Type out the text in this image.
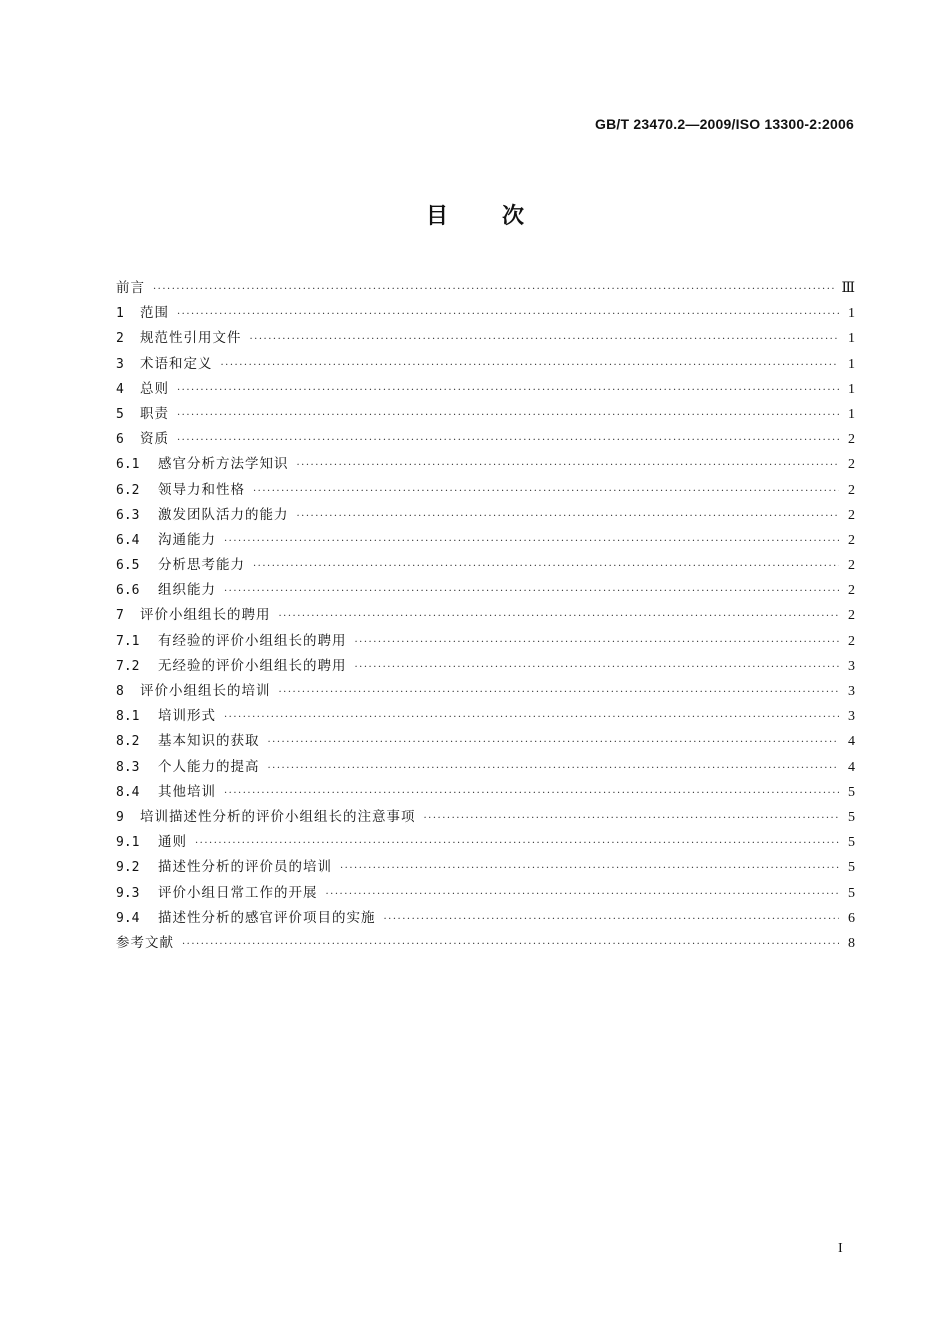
GB/T 23470.2—2009/ISO 13300-2:2006
目次
前言 ·····	Ⅲ
1	范围 ·····	1
2	规范性引用文件 ·····	1
3	术语和定义 ·····	1
4	总则 ·····	1
5	职责 ·····	1
6	资质 ·····	2
6.1	感官分析方法学知识 ·····	2
6.2	领导力和性格 ·····	2
6.3	激发团队活力的能力 ·····	2
6.4	沟通能力 ·····	2
6.5	分析思考能力 ·····	2
6.6	组织能力 ·····	2
7	评价小组组长的聘用 ·····	2
7.1	有经验的评价小组组长的聘用 ·····	2
7.2	无经验的评价小组组长的聘用 ·····	3
8	评价小组组长的培训 ·····	3
8.1	培训形式 ·····	3
8.2	基本知识的获取 ·····	4
8.3	个人能力的提高 ·····	4
8.4	其他培训 ·····	5
9	培训描述性分析的评价小组组长的注意事项 ·····	5
9.1	通则 ·····	5
9.2	描述性分析的评价员的培训 ·····	5
9.3	评价小组日常工作的开展 ·····	5
9.4	描述性分析的感官评价项目的实施 ·····	6
参考文献 ·····	8
I
